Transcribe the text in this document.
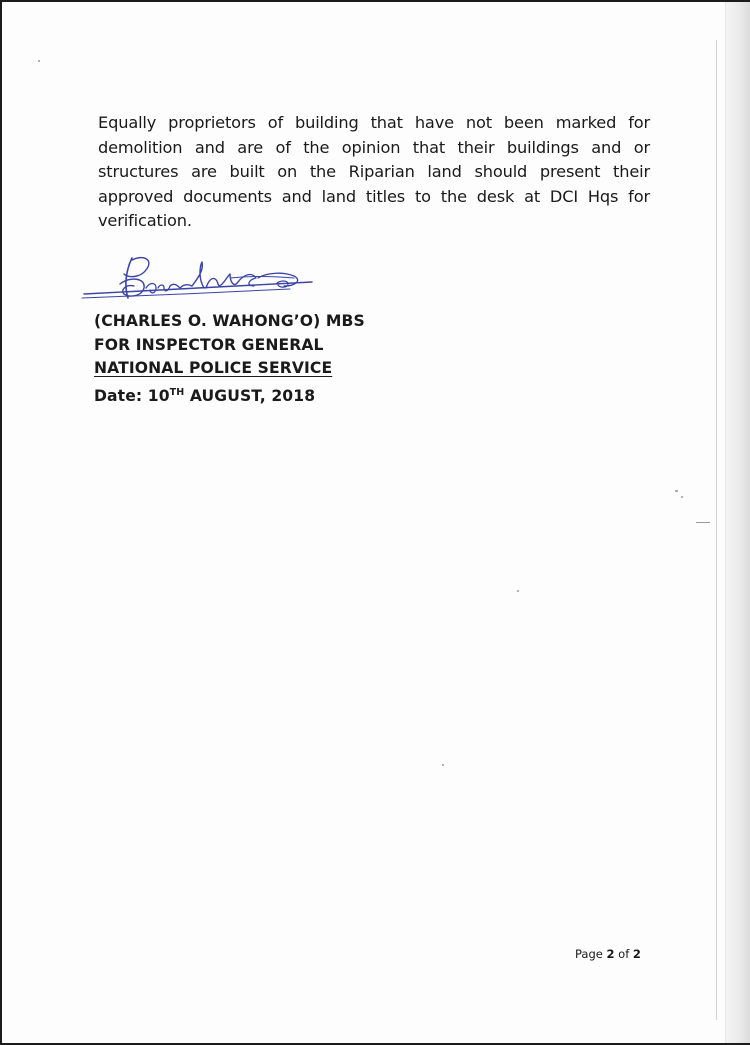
Equally proprietors of building that have not been marked for demolition and are of the opinion that their buildings and or structures are built on the Riparian land should present their approved documents and land titles to the desk at DCI Hqs for verification.

(CHARLES O. WAHONG’O) MBS
FOR INSPECTOR GENERAL
NATIONAL POLICE SERVICE
Date: 10TH AUGUST, 2018
Page 2 of 2
